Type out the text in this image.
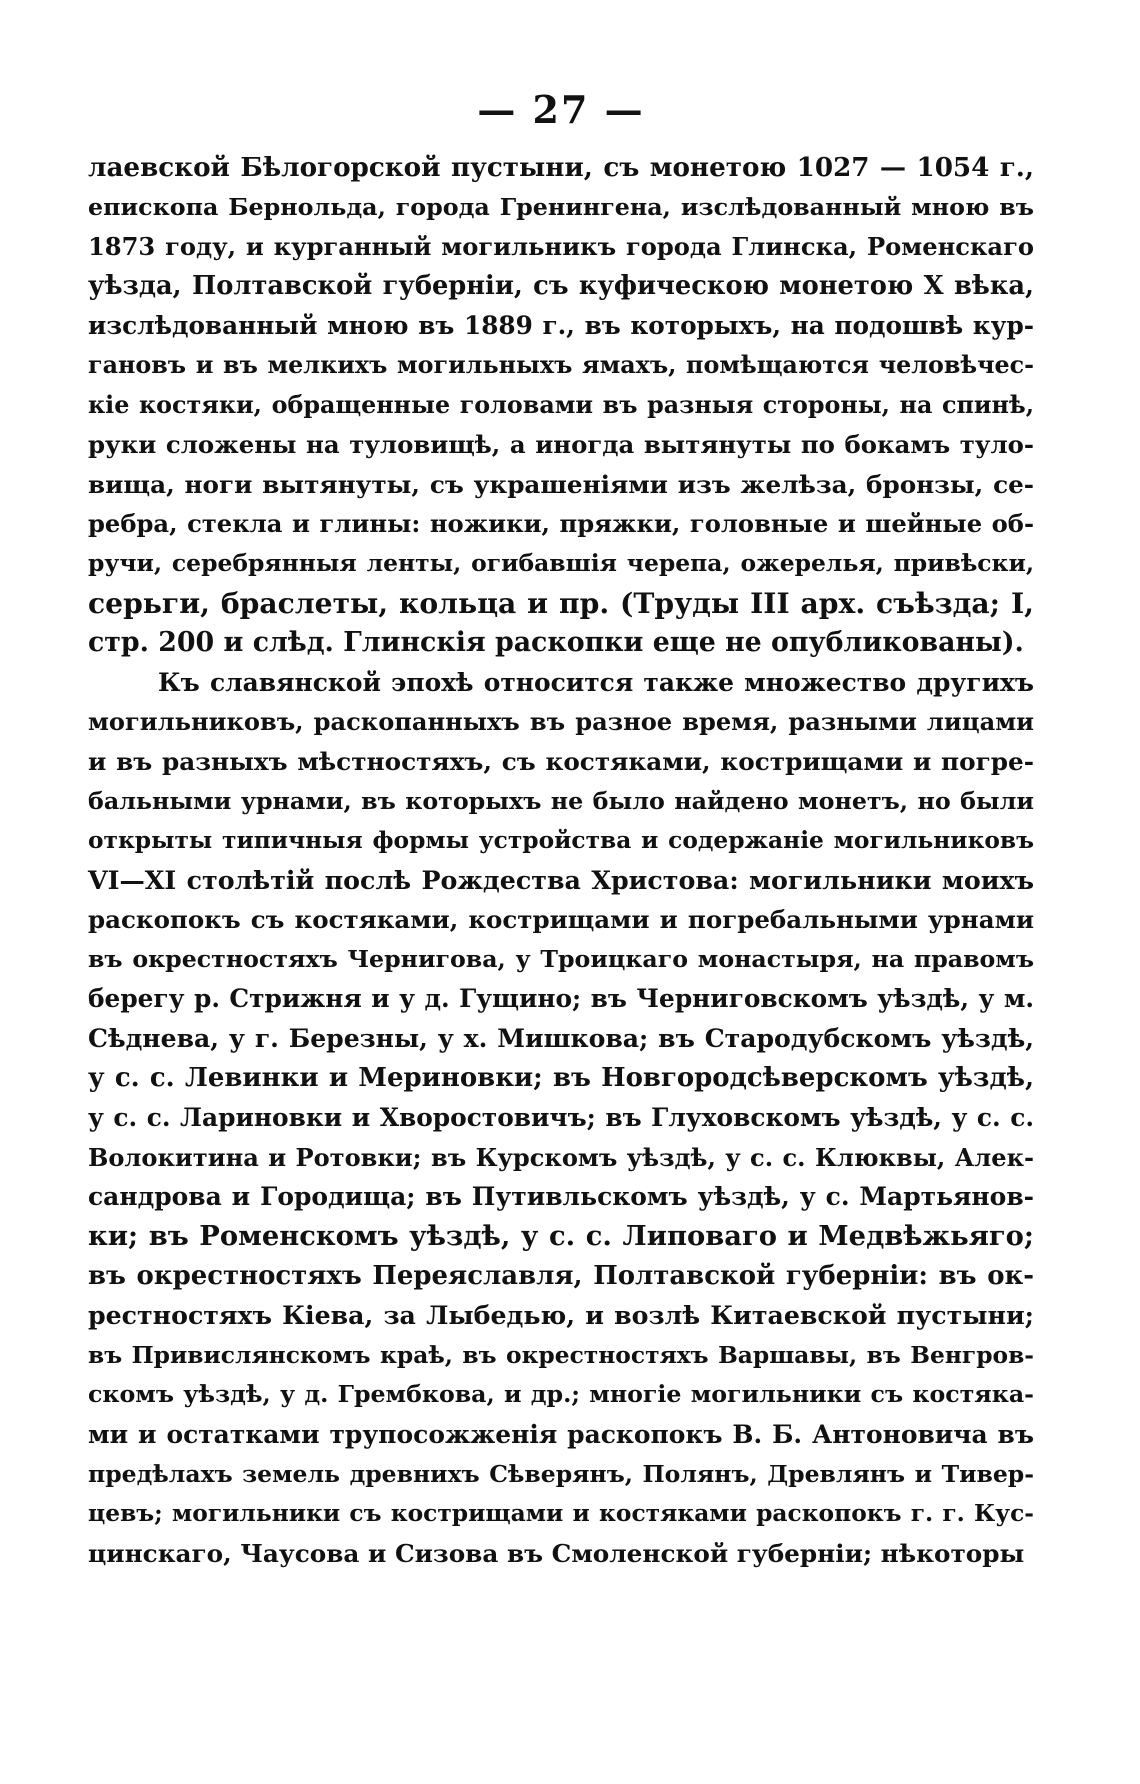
— 27 —
лаевской Бѣлогорской пустыни, съ монетою 1027 — 1054 г.,
епископа Бернольда, города Гренингена, изслѣдованный мною въ
1873 году, и курганный могильникъ города Глинска, Роменскаго
уѣзда, Полтавской губерніи, съ куфическою монетою X вѣка,
изслѣдованный мною въ 1889 г., въ которыхъ, на подошвѣ кур-
гановъ и въ мелкихъ могильныхъ ямахъ, помѣщаются человѣчес-
кіе костяки, обращенные головами въ разныя стороны, на спинѣ,
руки сложены на туловищѣ, а иногда вытянуты по бокамъ туло-
вища, ноги вытянуты, съ украшеніями изъ желѣза, бронзы, се-
ребра, стекла и глины: ножики, пряжки, головные и шейные об-
ручи, серебрянныя ленты, огибавшія черепа, ожерелья, привѣски,
серьги, браслеты, кольца и пр. (Труды III арх. съѣзда; I,
стр. 200 и слѣд. Глинскія раскопки еще не опубликованы).
Къ славянской эпохѣ относится также множество другихъ
могильниковъ, раскопанныхъ въ разное время, разными лицами
и въ разныхъ мѣстностяхъ, съ костяками, кострищами и погре-
бальными урнами, въ которыхъ не было найдено монетъ, но были
открыты типичныя формы устройства и содержаніе могильниковъ
VI—XI столѣтій послѣ Рождества Христова: могильники моихъ
раскопокъ съ костяками, кострищами и погребальными урнами
въ окрестностяхъ Чернигова, у Троицкаго монастыря, на правомъ
берегу р. Стрижня и у д. Гущино; въ Черниговскомъ уѣздѣ, у м.
Сѣднева, у г. Березны, у х. Мишкова; въ Стародубскомъ уѣздѣ,
у с. с. Левинки и Мериновки; въ Новгородсѣверскомъ уѣздѣ,
у с. с. Лариновки и Хворостовичъ; въ Глуховскомъ уѣздѣ, у с. с.
Волокитина и Ротовки; въ Курскомъ уѣздѣ, у с. с. Клюквы, Алек-
сандрова и Городища; въ Путивльскомъ уѣздѣ, у с. Мартьянов-
ки; въ Роменскомъ уѣздѣ, у с. с. Липоваго и Медвѣжьяго;
въ окрестностяхъ Переяславля, Полтавской губерніи: въ ок-
рестностяхъ Кіева, за Лыбедью, и возлѣ Китаевской пустыни;
въ Привислянскомъ краѣ, въ окрестностяхъ Варшавы, въ Венгров-
скомъ уѣздѣ, у д. Грембкова, и др.; многіе могильники съ костяка-
ми и остатками трупосожженія раскопокъ В. Б. Антоновича въ
предѣлахъ земель древнихъ Сѣверянъ, Полянъ, Древлянъ и Тивер-
цевъ; могильники съ кострищами и костяками раскопокъ г. г. Кус-
цинскаго, Чаусова и Сизова въ Смоленской губерніи; нѣкоторы
